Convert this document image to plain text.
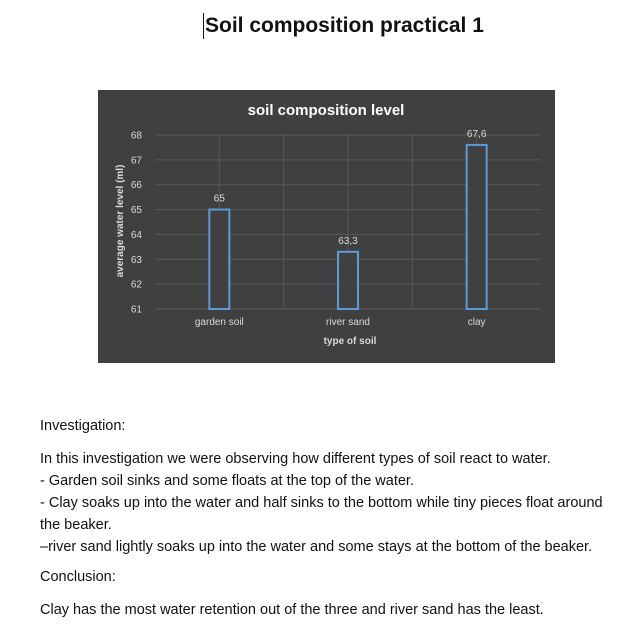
Soil composition practical 1
soil composition level
61
62
63
64
65
66
67
68
65
63,3
67,6
garden soil	river sand	clay
type of soil
average water level (ml)

Investigation:

In this investigation we were observing how different types of soil react to water.

- Garden soil sinks and some floats at the top of the water.

- Clay soaks up into the water and half sinks to the bottom while tiny pieces float around

the beaker.

–river sand lightly soaks up into the water and some stays at the bottom of the beaker.

Conclusion:

Clay has the most water retention out of the three and river sand has the least.
